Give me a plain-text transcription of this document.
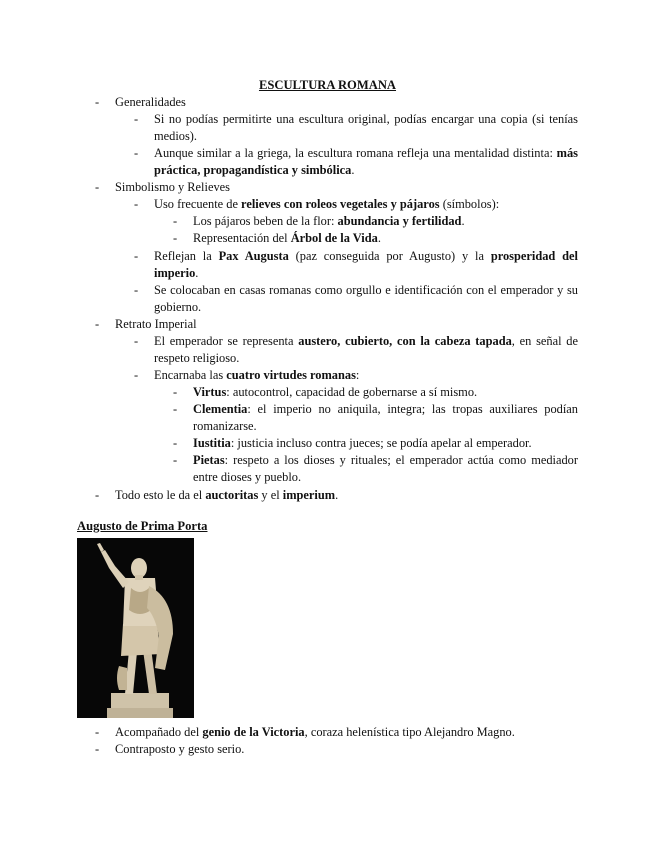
ESCULTURA ROMANA
-	Generalidades
-	Si no podías permitirte una escultura original, podías encargar una copia (si tenías medios).
-	Aunque similar a la griega, la escultura romana refleja una mentalidad distinta: más práctica, propagandística y simbólica.
-	Simbolismo y Relieves
-	Uso frecuente de relieves con roleos vegetales y pájaros (símbolos):
-	Los pájaros beben de la flor: abundancia y fertilidad.
-	Representación del Árbol de la Vida.
-	Reflejan la Pax Augusta (paz conseguida por Augusto) y la prosperidad del imperio.
-	Se colocaban en casas romanas como orgullo e identificación con el emperador y su gobierno.
-	Retrato Imperial
-	El emperador se representa austero, cubierto, con la cabeza tapada, en señal de respeto religioso.
-	Encarnaba las cuatro virtudes romanas:
-	Virtus: autocontrol, capacidad de gobernarse a sí mismo.
-	Clementia: el imperio no aniquila, integra; las tropas auxiliares podían romanizarse.
-	Iustitia: justicia incluso contra jueces; se podía apelar al emperador.
-	Pietas: respeto a los dioses y rituales; el emperador actúa como mediador entre dioses y pueblo.
-	Todo esto le da el auctoritas y el imperium.
Augusto de Prima Porta
-	Acompañado del genio de la Victoria, coraza helenística tipo Alejandro Magno.
-	Contraposto y gesto serio.
